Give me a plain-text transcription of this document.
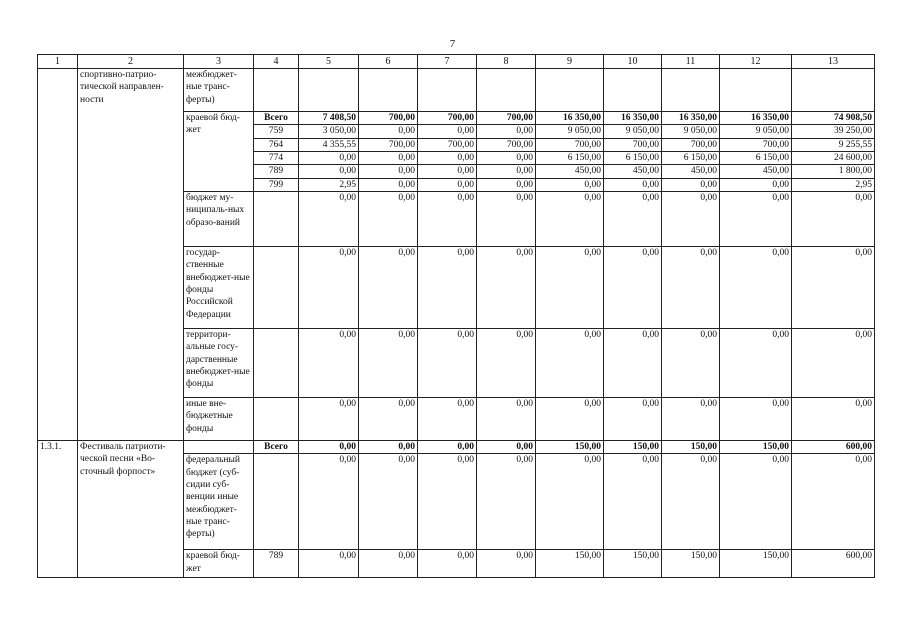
7
1	2	3	4	5	6	7	8	9	10	11	12	13
	спортивно-патрио-тической направлен-ности	межбюджет-ные транс-ферты)										
		краевой бюд-жет	Всего	7 408,50	700,00	700,00	700,00	16 350,00	16 350,00	16 350,00	16 350,00	74 908,50
			759	3 050,00	0,00	0,00	0,00	9 050,00	9 050,00	9 050,00	9 050,00	39 250,00
			764	4 355,55	700,00	700,00	700,00	700,00	700,00	700,00	700,00	9 255,55
			774	0,00	0,00	0,00	0,00	6 150,00	6 150,00	6 150,00	6 150,00	24 600,00
			789	0,00	0,00	0,00	0,00	450,00	450,00	450,00	450,00	1 800,00
			799	2,95	0,00	0,00	0,00	0,00	0,00	0,00	0,00	2,95
		бюджет му-ниципаль-ных образо-ваний		0,00	0,00	0,00	0,00	0,00	0,00	0,00	0,00	0,00
		государ-ственные внебюджет-ные фонды Российской Федерации		0,00	0,00	0,00	0,00	0,00	0,00	0,00	0,00	0,00
		территори-альные госу-дарственные внебюджет-ные фонды		0,00	0,00	0,00	0,00	0,00	0,00	0,00	0,00	0,00
		иные вне-бюджетные фонды		0,00	0,00	0,00	0,00	0,00	0,00	0,00	0,00	0,00
1.3.1.	Фестиваль патриоти-ческой песни «Во-сточный форпост»		Всего	0,00	0,00	0,00	0,00	150,00	150,00	150,00	150,00	600,00
		федеральный бюджет (суб-сидии суб-венции иные межбюджет-ные транс-ферты)		0,00	0,00	0,00	0,00	0,00	0,00	0,00	0,00	0,00
		краевой бюд-жет	789	0,00	0,00	0,00	0,00	150,00	150,00	150,00	150,00	600,00
